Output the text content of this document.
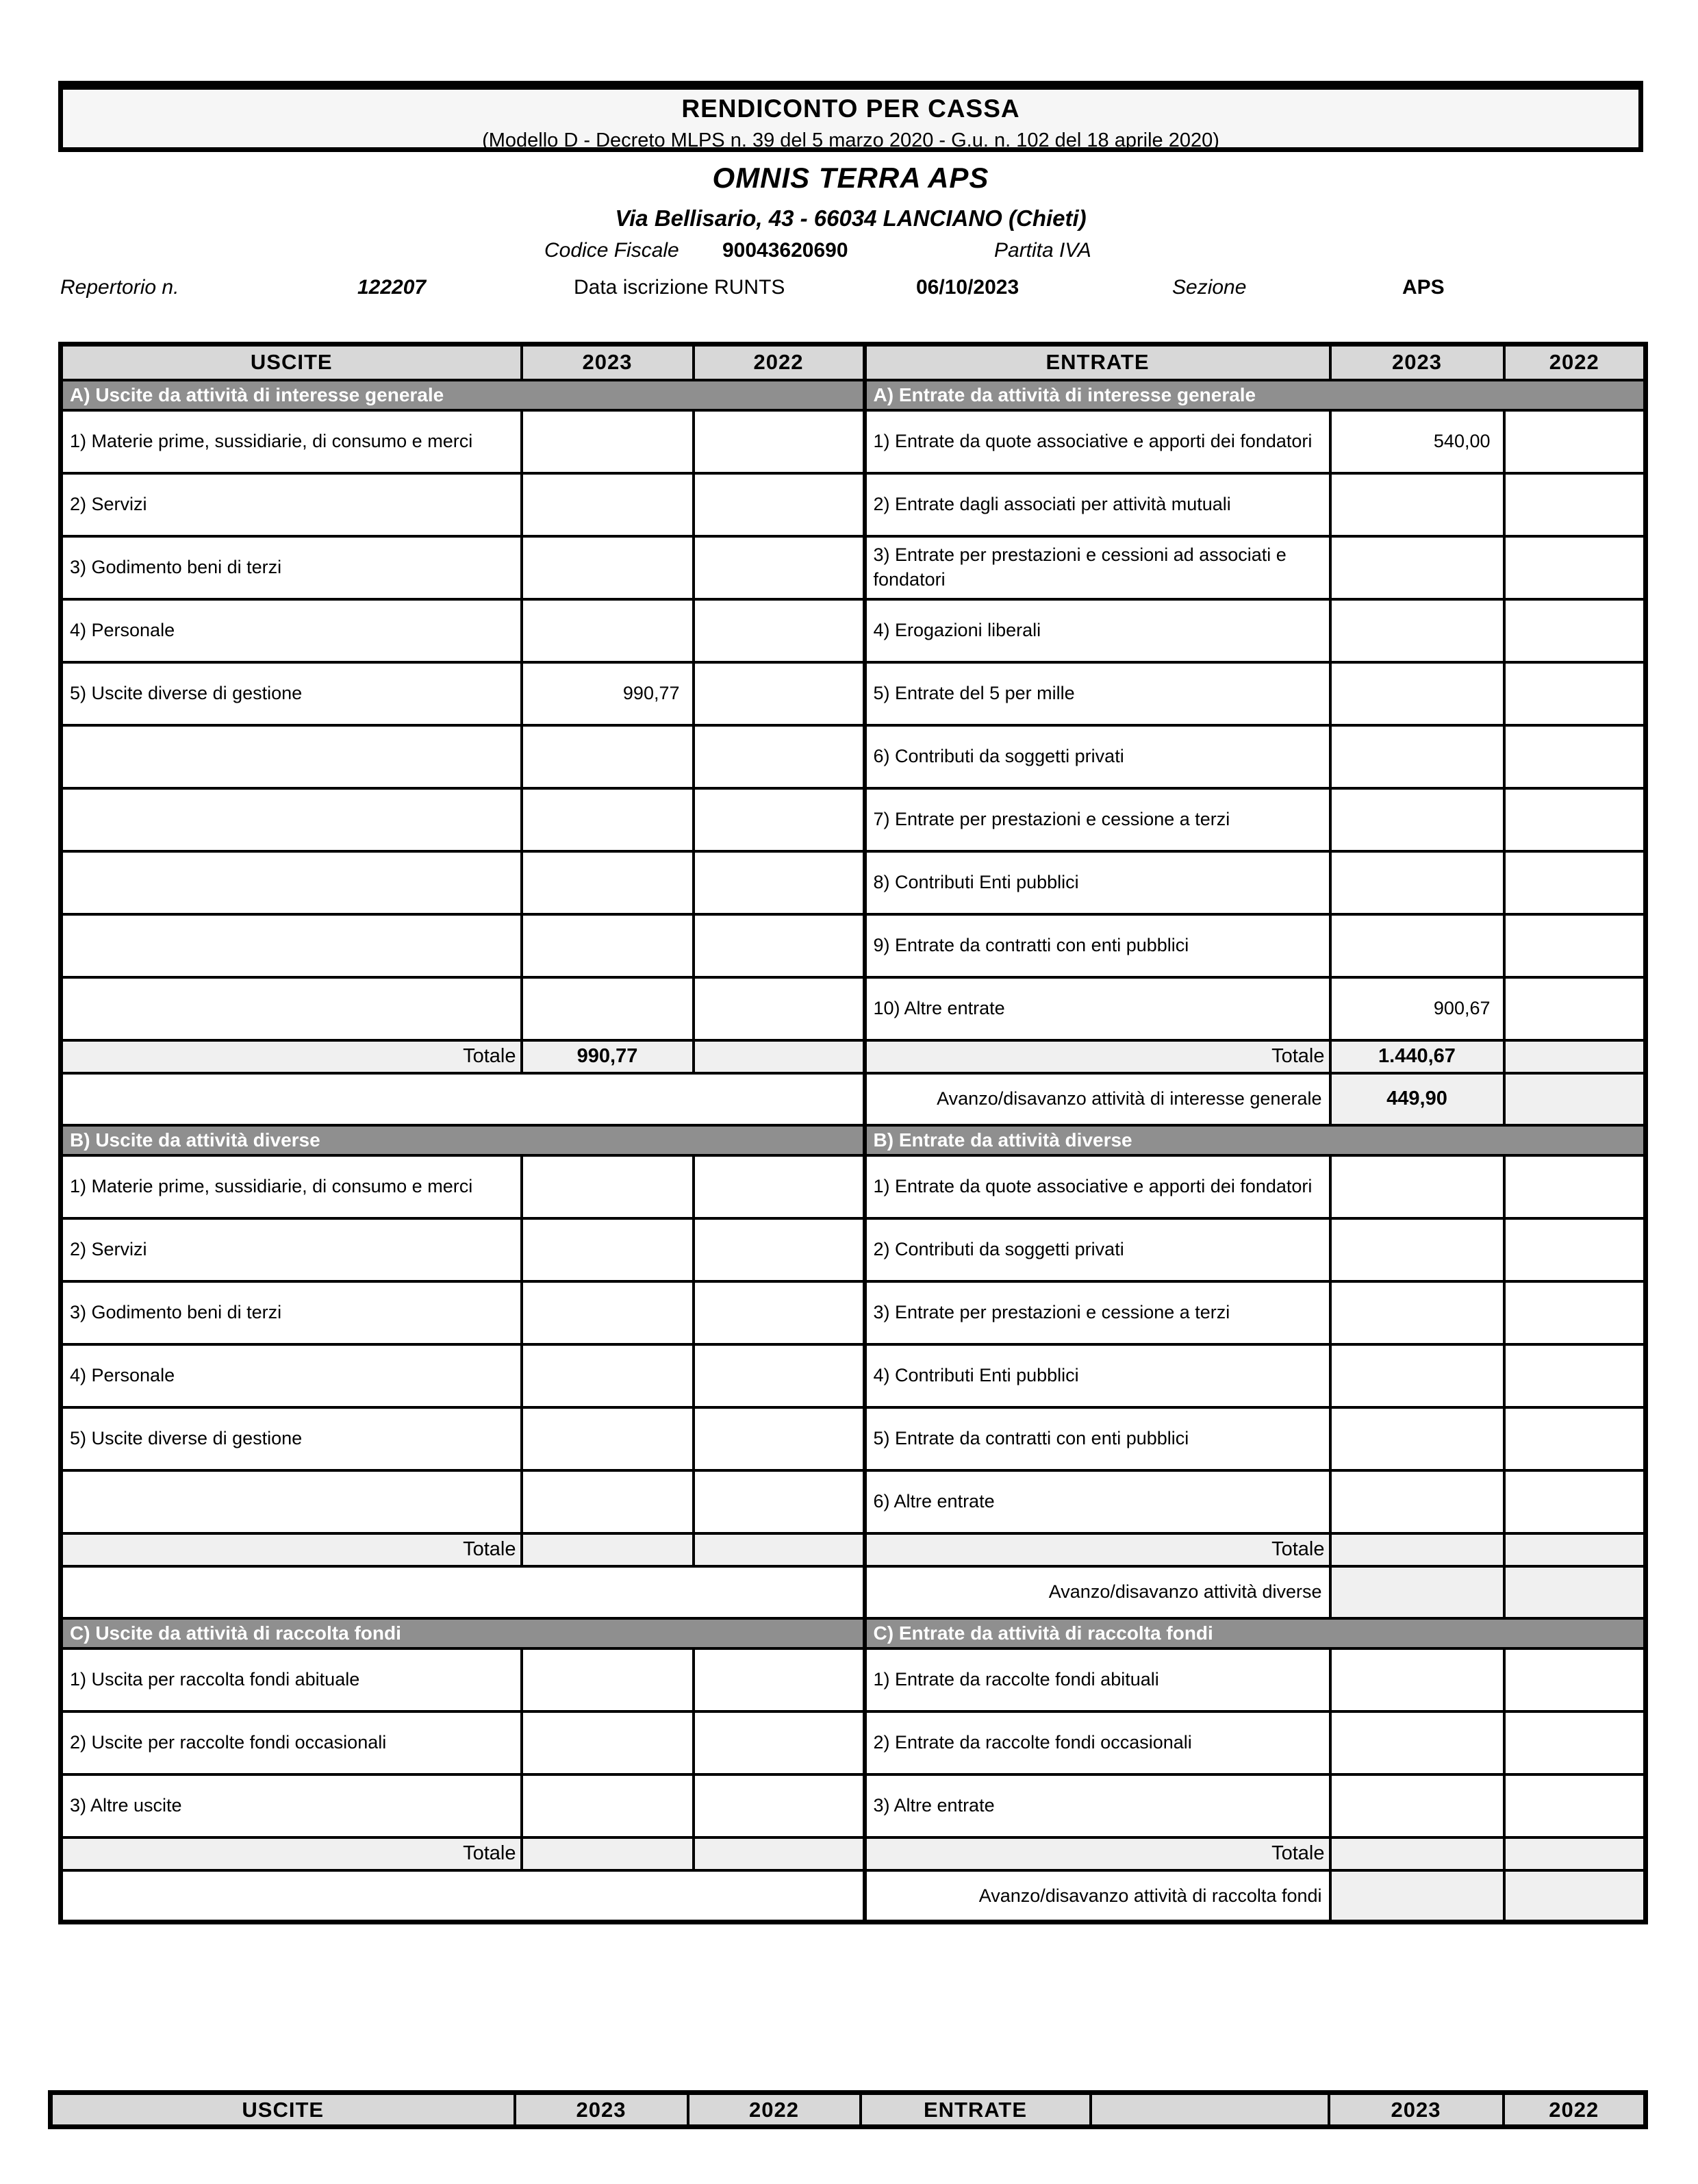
RENDICONTO PER CASSA
(Modello D - Decreto MLPS n. 39 del 5 marzo 2020 - G.u. n. 102 del 18 aprile 2020)
OMNIS TERRA APS
Via Bellisario, 43 - 66034 LANCIANO (Chieti)
Codice Fiscale 90043620690	Partita IVA
Repertorio n.	122207	Data iscrizione RUNTS	06/10/2023	Sezione	APS
USCITE	2023	2022	ENTRATE	2023	2022
A) Uscite da attività di interesse generale			A) Entrate da attività di interesse generale		
1) Materie prime, sussidiarie, di consumo e merci			1) Entrate da quote associative e apporti dei fondatori	540,00	
2) Servizi			2) Entrate dagli associati per attività mutuali		
3) Godimento beni di terzi			3) Entrate per prestazioni e cessioni ad associati e fondatori		
4) Personale			4) Erogazioni liberali		
5) Uscite diverse di gestione	990,77		5) Entrate del 5 per mille		
			6) Contributi da soggetti privati		
			7) Entrate per prestazioni e cessione a terzi		
			8) Contributi Enti pubblici		
			9) Entrate da contratti con enti pubblici		
			10) Altre entrate	900,67	
Totale	990,77		Totale	1.440,67	
			Avanzo/disavanzo attività di interesse generale	449,90	
B) Uscite da attività diverse			B) Entrate da attività diverse		
1) Materie prime, sussidiarie, di consumo e merci			1) Entrate da quote associative e apporti dei fondatori		
2) Servizi			2) Contributi da soggetti privati		
3) Godimento beni di terzi			3) Entrate per prestazioni e cessione a terzi		
4) Personale			4) Contributi Enti pubblici		
5) Uscite diverse di gestione			5) Entrate da contratti con enti pubblici		
			6) Altre entrate		
Totale			Totale		
			Avanzo/disavanzo attività diverse		
C) Uscite da attività di raccolta fondi			C) Entrate da attività di raccolta fondi		
1) Uscita per raccolta fondi abituale			1) Entrate da raccolte fondi abituali		
2) Uscite per raccolte fondi occasionali			2) Entrate da raccolte fondi occasionali		
3) Altre uscite			3) Altre entrate		
Totale			Totale		
			Avanzo/disavanzo attività di raccolta fondi		
USCITE	2023	2022	ENTRATE		2023	2022
